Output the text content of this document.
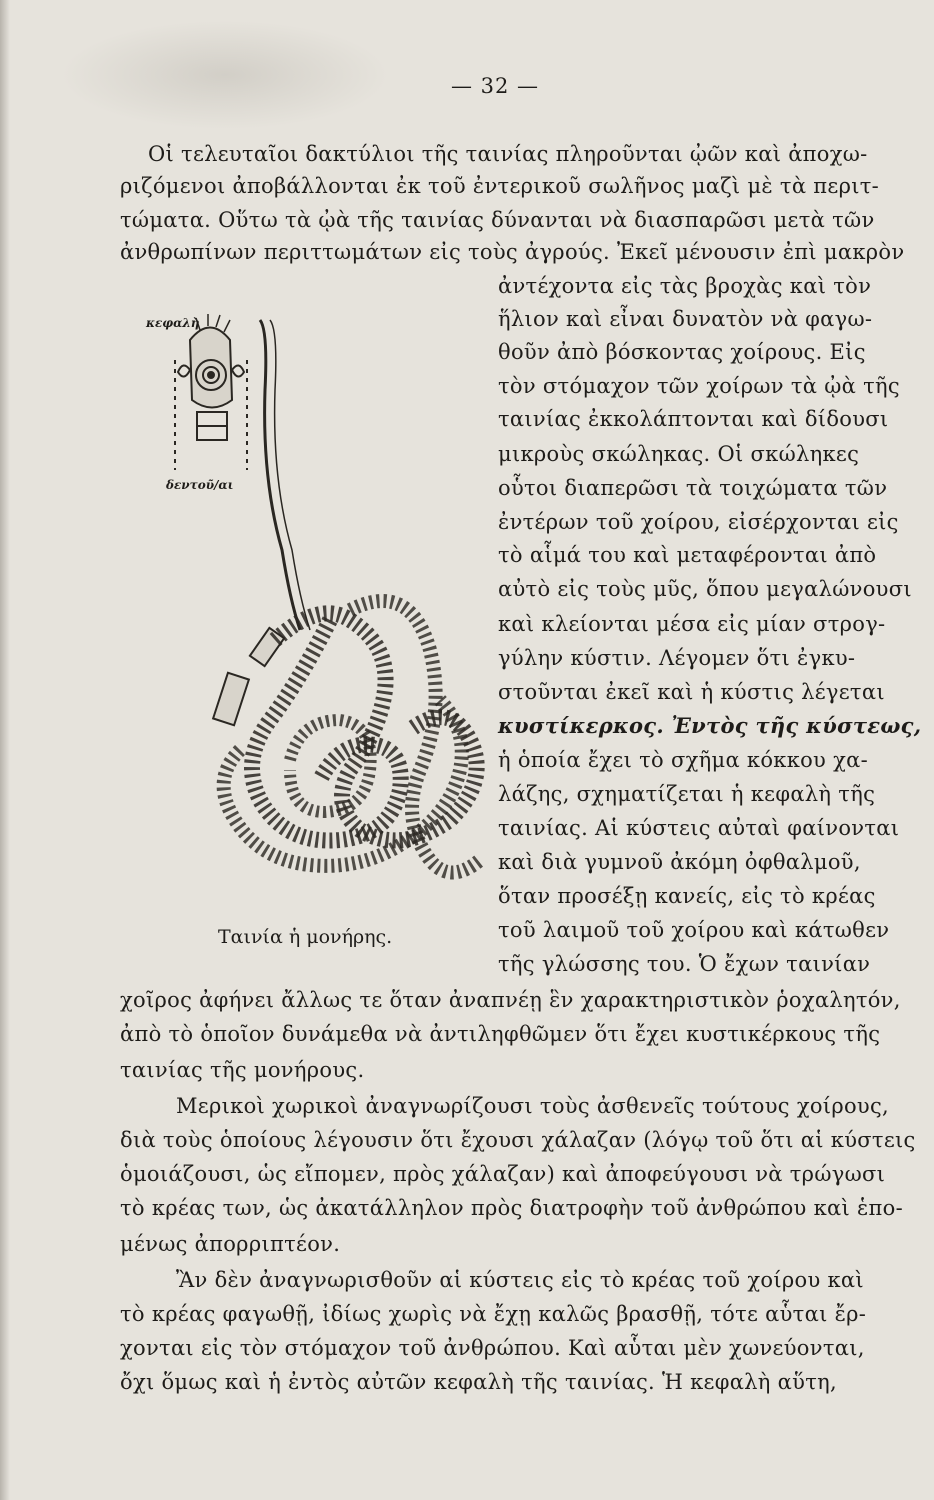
— 32 —
Οἱ τελευταῖοι δακτύλιοι τῆς ταινίας πληροῦνται ᾠῶν καὶ ἀποχω-
ριζόμενοι ἀποβάλλονται ἐκ τοῦ ἐντερικοῦ σωλῆνος μαζὶ μὲ τὰ περιτ-
τώματα. Οὕτω τὰ ᾠὰ τῆς ταινίας δύνανται νὰ διασπαρῶσι μετὰ τῶν
ἀνθρωπίνων περιττωμάτων εἰς τοὺς ἀγρούς. Ἐκεῖ μένουσιν ἐπὶ μακρὸν
ἀντέχοντα εἰς τὰς βροχὰς καὶ τὸν
ἥλιον καὶ εἶναι δυνατὸν νὰ φαγω-
θοῦν ἀπὸ βόσκοντας χοίρους. Εἰς
τὸν στόμαχον τῶν χοίρων τὰ ᾠὰ τῆς
ταινίας ἐκκολάπτονται καὶ δίδουσι
μικροὺς σκώληκας. Οἱ σκώληκες
οὗτοι διαπερῶσι τὰ τοιχώματα τῶν
ἐντέρων τοῦ χοίρου, εἰσέρχονται εἰς
τὸ αἷμά του καὶ μεταφέρονται ἀπὸ
αὐτὸ εἰς τοὺς μῦς, ὅπου μεγαλώνουσι
καὶ κλείονται μέσα εἰς μίαν στρογ-
γύλην κύστιν. Λέγομεν ὅτι ἐγκυ-
στοῦνται ἐκεῖ καὶ ἡ κύστις λέγεται
κυστίκερκος. Ἐντὸς τῆς κύστεως,
ἡ ὁποία ἔχει τὸ σχῆμα κόκκου χα-
λάζης, σχηματίζεται ἡ κεφαλὴ τῆς
ταινίας. Αἱ κύστεις αὐταὶ φαίνονται
καὶ διὰ γυμνοῦ ἀκόμη ὀφθαλμοῦ,
ὅταν προσέξῃ κανείς, εἰς τὸ κρέας
τοῦ λαιμοῦ τοῦ χοίρου καὶ κάτωθεν
τῆς γλώσσης του. Ὁ ἔχων ταινίαν
χοῖρος ἀφήνει ἄλλως τε ὅταν ἀναπνέῃ ἓν χαρακτηριστικὸν ῥοχαλητόν,
ἀπὸ τὸ ὁποῖον δυνάμεθα νὰ ἀντιληφθῶμεν ὅτι ἔχει κυστικέρκους τῆς
ταινίας τῆς μονήρους.
Μερικοὶ χωρικοὶ ἀναγνωρίζουσι τοὺς ἀσθενεῖς τούτους χοίρους,
διὰ τοὺς ὁποίους λέγουσιν ὅτι ἔχουσι χάλαζαν (λόγῳ τοῦ ὅτι αἱ κύστεις
ὁμοιάζουσι, ὡς εἴπομεν, πρὸς χάλαζαν) καὶ ἀποφεύγουσι νὰ τρώγωσι
τὸ κρέας των, ὡς ἀκατάλληλον πρὸς διατροφὴν τοῦ ἀνθρώπου καὶ ἑπο-
μένως ἀπορριπτέον.
Ἂν δὲν ἀναγνωρισθοῦν αἱ κύστεις εἰς τὸ κρέας τοῦ χοίρου καὶ
τὸ κρέας φαγωθῇ, ἰδίως χωρὶς νὰ ἔχῃ καλῶς βρασθῇ, τότε αὗται ἔρ-
χονται εἰς τὸν στόμαχον τοῦ ἀνθρώπου. Καὶ αὗται μὲν χωνεύονται,
ὄχι ὅμως καὶ ἡ ἐντὸς αὐτῶν κεφαλὴ τῆς ταινίας. Ἡ κεφαλὴ αὕτη,
κεφαλὴ
δεντοῦ/αι
Ταινία ἡ μονήρης.
